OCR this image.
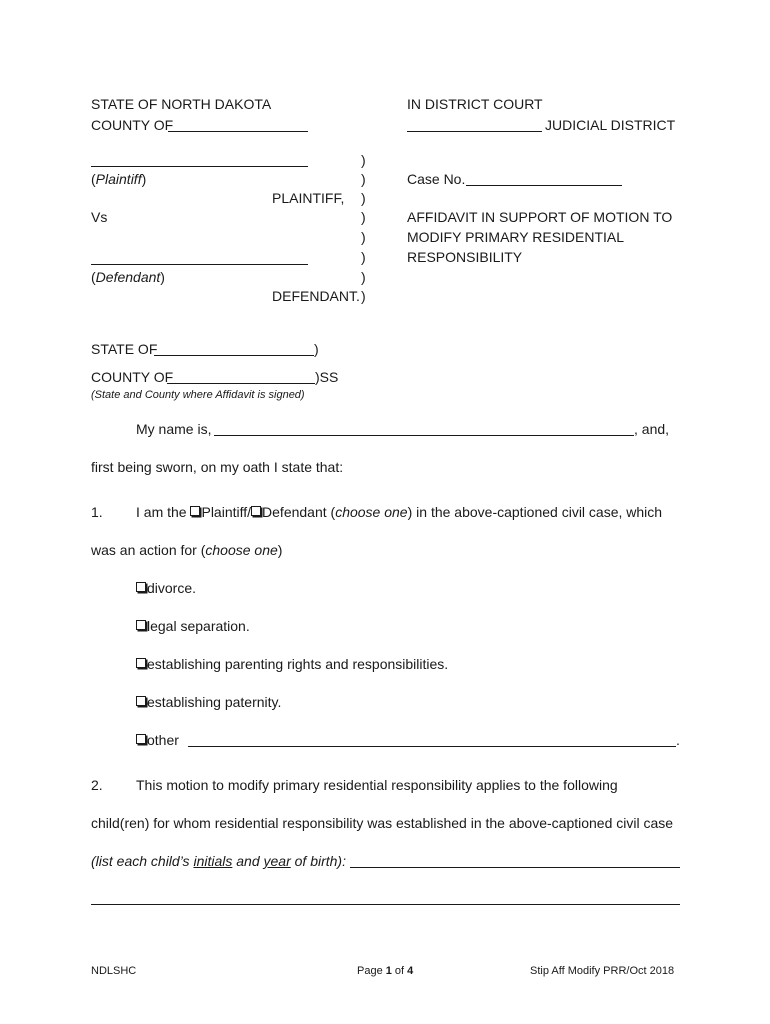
STATE OF NORTH DAKOTA
COUNTY OF
IN DISTRICT COURT
JUDICIAL DISTRICT
(Plaintiff)
PLAINTIFF,
Vs
(Defendant)
DEFENDANT.
)
)
)
)
)
)
)
)
Case No.
AFFIDAVIT IN SUPPORT OF MOTION TO
MODIFY PRIMARY RESIDENTIAL
RESPONSIBILITY
STATE OF	)
COUNTY OF	)SS
(State and County where Affidavit is signed)
My name is,	, and,
first being sworn, on my oath I state that:
1. I am the Plaintiff/ Defendant (choose one) in the above-captioned civil case, which
was an action for (choose one)
divorce.
legal separation.
establishing parenting rights and responsibilities.
establishing paternity.
other	.
2. This motion to modify primary residential responsibility applies to the following
child(ren) for whom residential responsibility was established in the above-captioned civil case
(list each child’s initials and year of birth):
NDLSHC	Page 1 of 4	Stip Aff Modify PRR/Oct 2018
